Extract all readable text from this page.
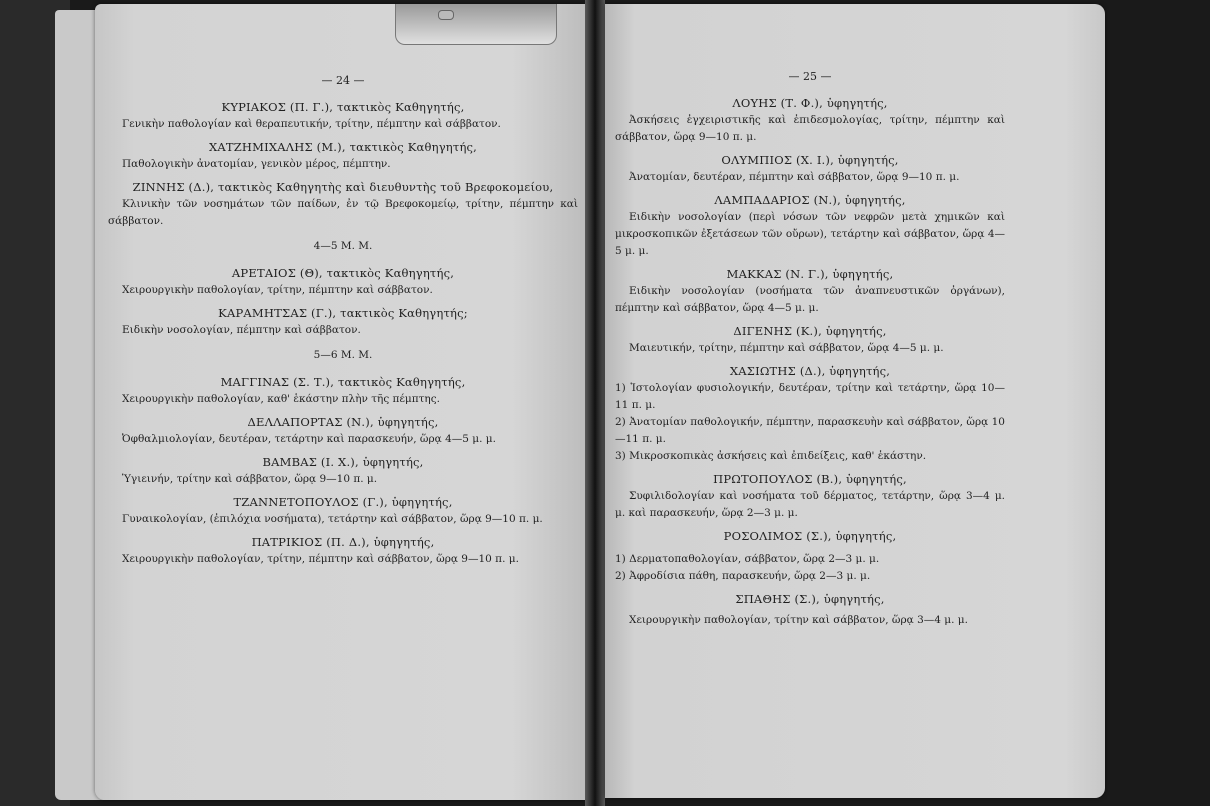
— 24 —
ΚΥΡΙΑΚΟΣ (Π. Γ.), τακτικὸς Καθηγητής,
Γενικὴν παθολογίαν καὶ θεραπευτικήν, τρίτην, πέμπτην καὶ σάββατον.
ΧΑΤΖΗΜΙΧΑΛΗΣ (Μ.), τακτικὸς Καθηγητής,
Παθολογικὴν ἀνατομίαν, γενικὸν μέρος, πέμπτην.
ΖΙΝΝΗΣ (Δ.), τακτικὸς Καθηγητὴς καὶ διευθυντὴς τοῦ Βρεφοκομείου,
Κλινικὴν τῶν νοσημάτων τῶν παίδων, ἐν τῷ Βρεφοκομείῳ, τρίτην, πέμπτην καὶ σάββατον.
4—5 Μ. Μ.
ΑΡΕΤΑΙΟΣ (Θ), τακτικὸς Καθηγητής,
Χειρουργικὴν παθολογίαν, τρίτην, πέμπτην καὶ σάββατον.
ΚΑΡΑΜΗΤΣΑΣ (Γ.), τακτικὸς Καθηγητής;
Ειδικὴν νοσολογίαν, πέμπτην καὶ σάββατον.
5—6 Μ. Μ.
ΜΑΓΓΙΝΑΣ (Σ. Τ.), τακτικὸς Καθηγητής,
Χειρουργικὴν παθολογίαν, καθ' ἑκάστην πλὴν τῆς πέμπτης.
ΔΕΛΛΑΠΟΡΤΑΣ (Ν.), ὑφηγητής,
Ὀφθαλμιολογίαν, δευτέραν, τετάρτην καὶ παρασκευήν, ὥρᾳ 4—5 μ. μ.
ΒΑΜΒΑΣ (Ι. Χ.), ὑφηγητής,
Ὑγιεινήν, τρίτην καὶ σάββατον, ὥρᾳ 9—10 π. μ.
ΤΖΑΝΝΕΤΟΠΟΥΛΟΣ (Γ.), ὑφηγητής,
Γυναικολογίαν, (ἐπιλόχια νοσήματα), τετάρτην καὶ σάββατον, ὥρᾳ 9—10 π. μ.
ΠΑΤΡΙΚΙΟΣ (Π. Δ.), ὑφηγητής,
Χειρουργικὴν παθολογίαν, τρίτην, πέμπτην καὶ σάββατον, ὥρᾳ 9—10 π. μ.
— 25 —
ΛΟΥΗΣ (Τ. Φ.), ὑφηγητής,
Ἀσκήσεις ἐγχειριστικῆς καὶ ἐπιδεσμολογίας, τρίτην, πέμπτην καὶ σάββατον, ὥρᾳ 9—10 π. μ.
ΟΛΥΜΠΙΟΣ (Χ. Ι.), ὑφηγητής,
Ἀνατομίαν, δευτέραν, πέμπτην καὶ σάββατον, ὥρᾳ 9—10 π. μ.
ΛΑΜΠΑΔΑΡΙΟΣ (Ν.), ὑφηγητής,
Ειδικὴν νοσολογίαν (περὶ νόσων τῶν νεφρῶν μετὰ χημικῶν καὶ μικροσκοπικῶν ἐξετάσεων τῶν οὔρων), τετάρτην καὶ σάββατον, ὥρᾳ 4—5 μ. μ.
ΜΑΚΚΑΣ (Ν. Γ.), ὑφηγητής,
Ειδικὴν νοσολογίαν (νοσήματα τῶν ἀναπνευστικῶν ὀργάνων), πέμπτην καὶ σάββατον, ὥρᾳ 4—5 μ. μ.
ΔΙΓΕΝΗΣ (Κ.), ὑφηγητής,
Μαιευτικήν, τρίτην, πέμπτην καὶ σάββατον, ὥρᾳ 4—5 μ. μ.
ΧΑΣΙΩΤΗΣ (Δ.), ὑφηγητής,
1) Ἱστολογίαν φυσιολογικήν, δευτέραν, τρίτην καὶ τετάρτην, ὥρᾳ 10—11 π. μ.
2) Ἀνατομίαν παθολογικήν, πέμπτην, παρασκευὴν καὶ σάββατον, ὥρᾳ 10—11 π. μ.
3) Μικροσκοπικὰς ἀσκήσεις καὶ ἐπιδείξεις, καθ' ἑκάστην.
ΠΡΩΤΟΠΟΥΛΟΣ (Β.), ὑφηγητής,
Συφιλιδολογίαν καὶ νοσήματα τοῦ δέρματος, τετάρτην, ὥρᾳ 3—4 μ. μ. καὶ παρασκευήν, ὥρᾳ 2—3 μ. μ.
ΡΟΣΟΛΙΜΟΣ (Σ.), ὑφηγητής,
1) Δερματοπαθολογίαν, σάββατον, ὥρᾳ 2—3 μ. μ.
2) Ἀφροδίσια πάθη, παρασκευήν, ὥρᾳ 2—3 μ. μ.
ΣΠΑΘΗΣ (Σ.), ὑφηγητής,
Χειρουργικὴν παθολογίαν, τρίτην καὶ σάββατον, ὥρᾳ 3—4 μ. μ.
